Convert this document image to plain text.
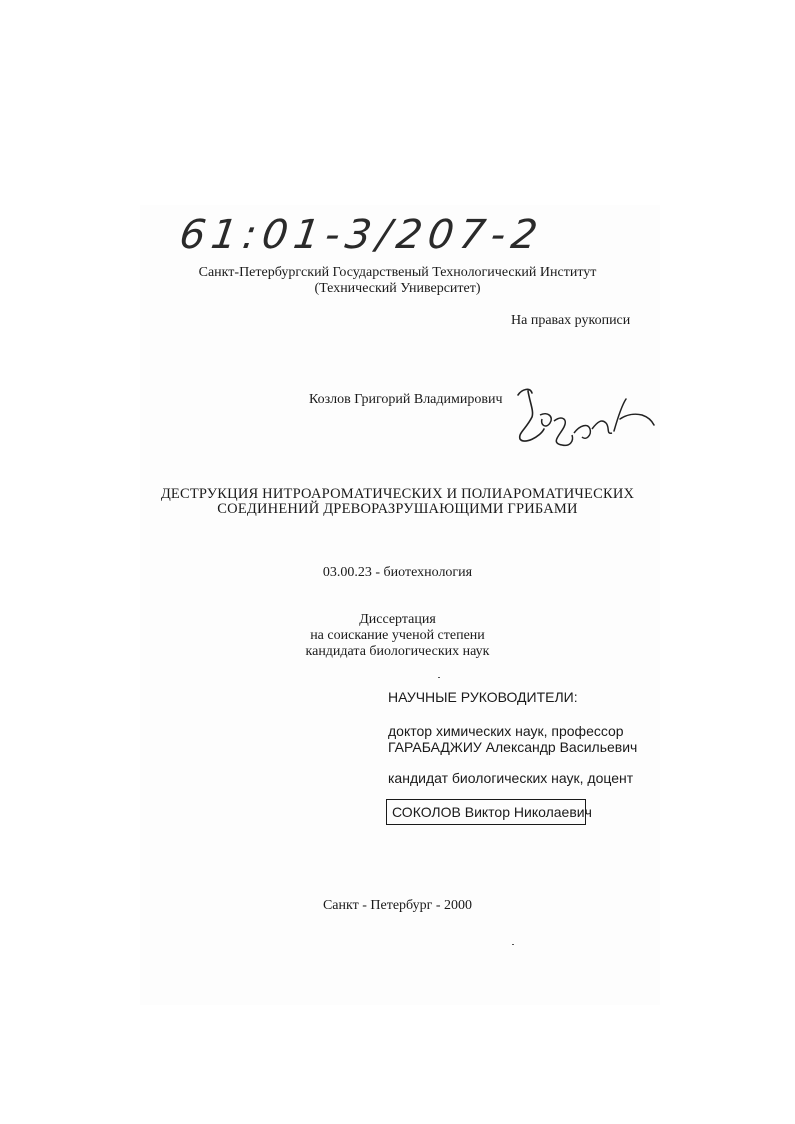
61:01-3/207-2
Санкт-Петербургский Государственый Технологический Институт
(Технический Университет)
На правах рукописи
Козлов Григорий Владимирович
ДЕСТРУКЦИЯ НИТРОАРОМАТИЧЕСКИХ И ПОЛИАРОМАТИЧЕСКИХ
СОЕДИНЕНИЙ ДРЕВОРАЗРУШАЮЩИМИ ГРИБАМИ
03.00.23 - биотехнология
Диссертация
на соискание ученой степени
кандидата биологических наук
НАУЧНЫЕ РУКОВОДИТЕЛИ:
доктор химических наук, профессор
ГАРАБАДЖИУ Александр Васильевич
кандидат биологических наук, доцент
СОКОЛОВ Виктор Николаевич
Санкт - Петербург - 2000
